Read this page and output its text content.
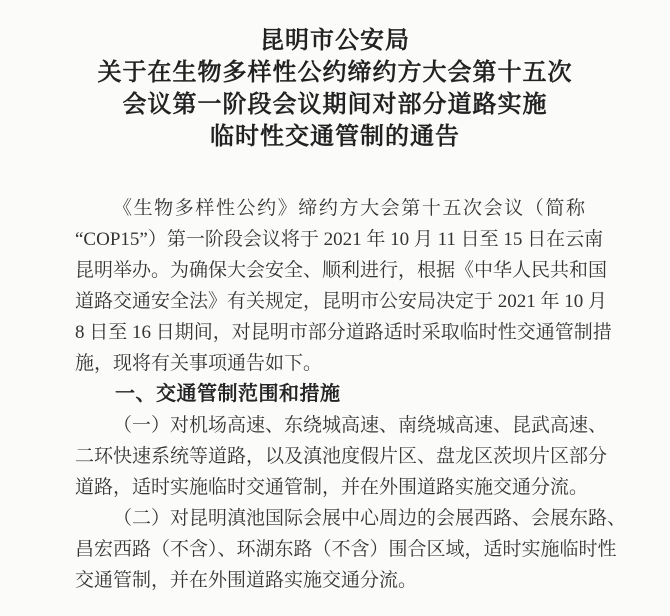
昆明市公安局
关于在生物多样性公约缔约方大会第十五次
会议第一阶段会议期间对部分道路实施
临时性交通管制的通告

《生物多样性公约》缔约方大会第十五次会议（简称

“COP15”）第一阶段会议将于 2021 年 10 月 11 日至 15 日在云南

昆明举办。为确保大会安全、顺利进行，根据《中华人民共和国

道路交通安全法》有关规定，昆明市公安局决定于 2021 年 10 月

8 日至 16 日期间，对昆明市部分道路适时采取临时性交通管制措

施，现将有关事项通告如下。

一、交通管制范围和措施

（一）对机场高速、东绕城高速、南绕城高速、昆武高速、

二环快速系统等道路，以及滇池度假片区、盘龙区茨坝片区部分

道路，适时实施临时交通管制，并在外围道路实施交通分流。

（二）对昆明滇池国际会展中心周边的会展西路、会展东路、

昌宏西路（不含）、环湖东路（不含）围合区域，适时实施临时性

交通管制，并在外围道路实施交通分流。
